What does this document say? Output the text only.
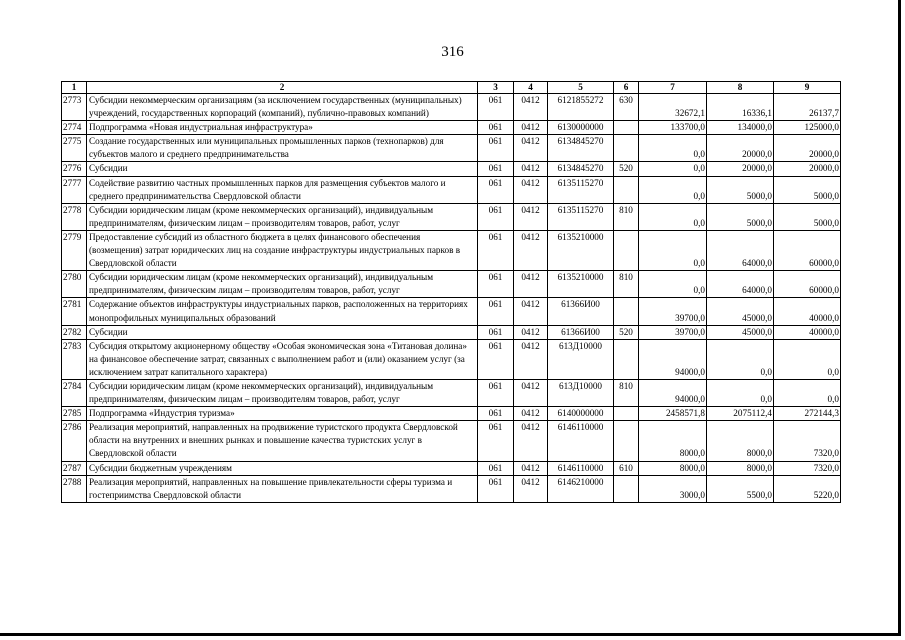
316
1	2	3	4	5	6	7	8	9
2773	Субсидии некоммерческим организациям (за исключением государственных (муниципальных) учреждений, государственных корпораций (компаний), публично-правовых компаний)	061	0412	6121855272	630	32672,1	16336,1	26137,7
2774	Подпрограмма «Новая индустриальная инфраструктура»	061	0412	6130000000		133700,0	134000,0	125000,0
2775	Создание государственных или муниципальных промышленных парков (технопарков) для субъектов малого и среднего предпринимательства	061	0412	6134845270		0,0	20000,0	20000,0
2776	Субсидии	061	0412	6134845270	520	0,0	20000,0	20000,0
2777	Содействие развитию частных промышленных парков для размещения субъектов малого и среднего предпринимательства Свердловской области	061	0412	6135115270		0,0	5000,0	5000,0
2778	Субсидии юридическим лицам (кроме некоммерческих организаций), индивидуальным предпринимателям, физическим лицам – производителям товаров, работ, услуг	061	0412	6135115270	810	0,0	5000,0	5000,0
2779	Предоставление субсидий из областного бюджета в целях финансового обеспечения (возмещения) затрат юридических лиц на создание инфраструктуры индустриальных парков в Свердловской области	061	0412	6135210000		0,0	64000,0	60000,0
2780	Субсидии юридическим лицам (кроме некоммерческих организаций), индивидуальным предпринимателям, физическим лицам – производителям товаров, работ, услуг	061	0412	6135210000	810	0,0	64000,0	60000,0
2781	Содержание объектов инфраструктуры индустриальных парков, расположенных на территориях монопрофильных муниципальных образований	061	0412	61366И00		39700,0	45000,0	40000,0
2782	Субсидии	061	0412	61366И00	520	39700,0	45000,0	40000,0
2783	Субсидия открытому акционерному обществу «Особая экономическая зона «Титановая долина» на финансовое обеспечение затрат, связанных с выполнением работ и (или) оказанием услуг (за исключением затрат капитального характера)	061	0412	613Д10000		94000,0	0,0	0,0
2784	Субсидии юридическим лицам (кроме некоммерческих организаций), индивидуальным предпринимателям, физическим лицам – производителям товаров, работ, услуг	061	0412	613Д10000	810	94000,0	0,0	0,0
2785	Подпрограмма «Индустрия туризма»	061	0412	6140000000		2458571,8	2075112,4	272144,3
2786	Реализация мероприятий, направленных на продвижение туристского продукта Свердловской области на внутренних и внешних рынках и повышение качества туристских услуг в Свердловской области	061	0412	6146110000		8000,0	8000,0	7320,0
2787	Субсидии бюджетным учреждениям	061	0412	6146110000	610	8000,0	8000,0	7320,0
2788	Реализация мероприятий, направленных на повышение привлекательности сферы туризма и гостеприимства Свердловской области	061	0412	6146210000		3000,0	5500,0	5220,0
